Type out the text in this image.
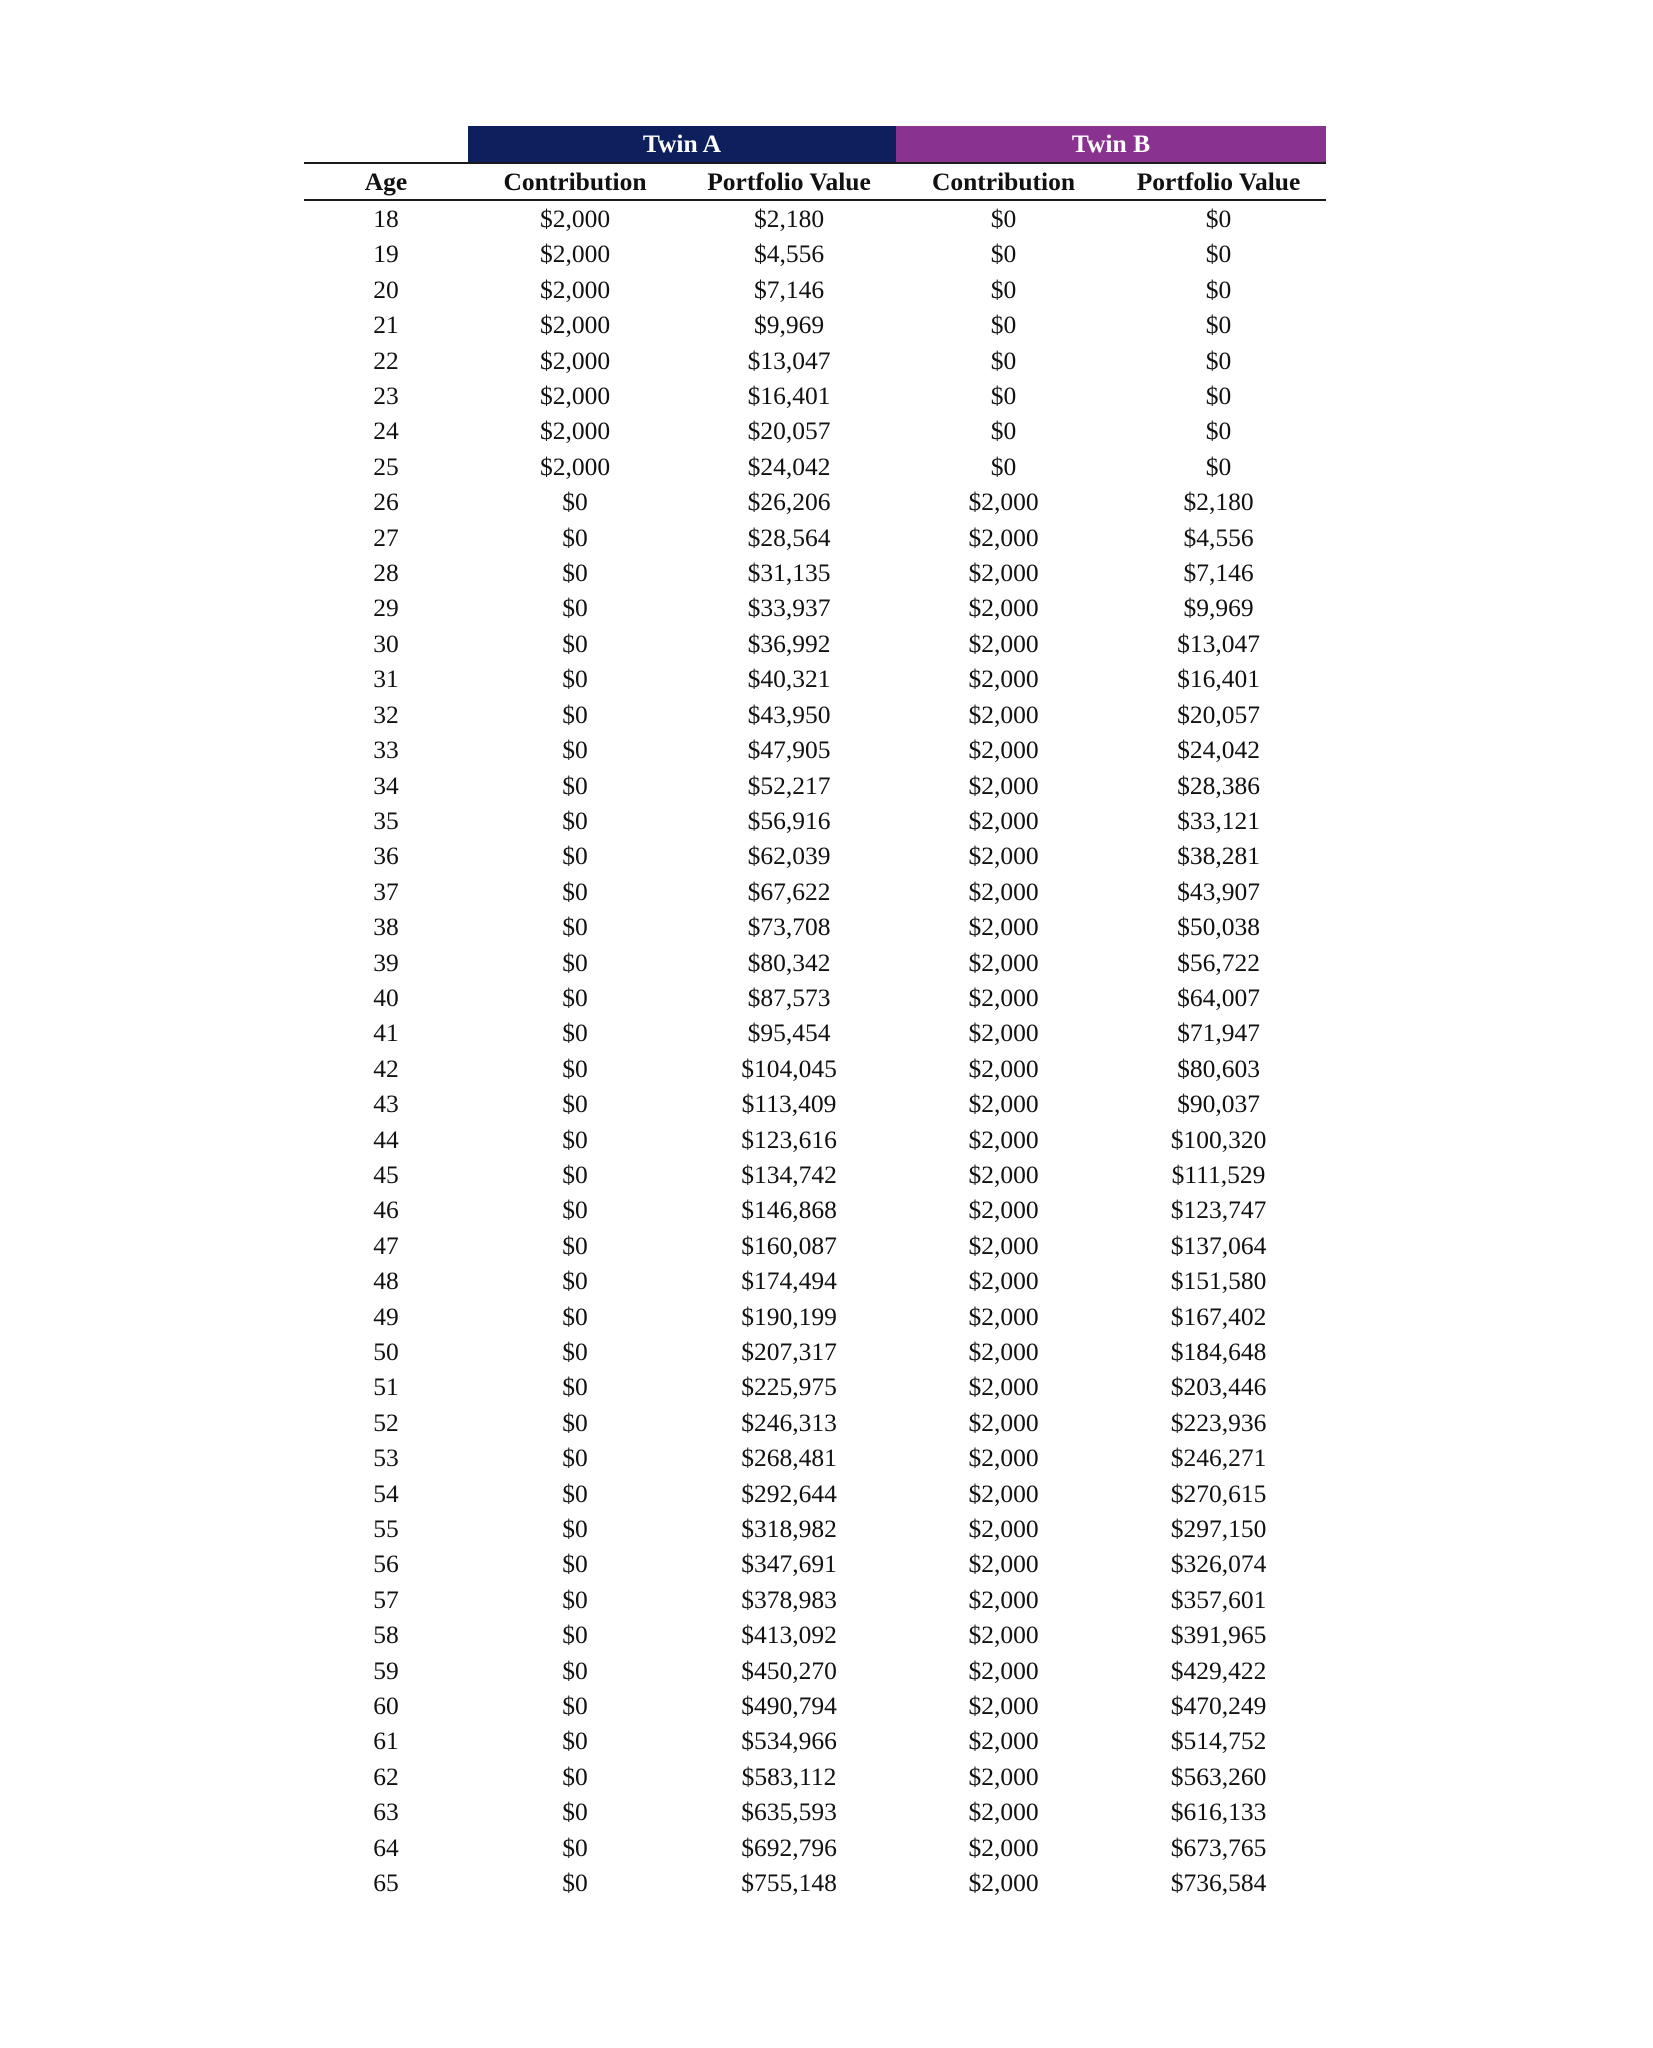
	Twin A		Twin B	
Age	Contribution	Portfolio Value	Contribution	Portfolio Value
18	$2,000	$2,180	$0	$0
19	$2,000	$4,556	$0	$0
20	$2,000	$7,146	$0	$0
21	$2,000	$9,969	$0	$0
22	$2,000	$13,047	$0	$0
23	$2,000	$16,401	$0	$0
24	$2,000	$20,057	$0	$0
25	$2,000	$24,042	$0	$0
26	$0	$26,206	$2,000	$2,180
27	$0	$28,564	$2,000	$4,556
28	$0	$31,135	$2,000	$7,146
29	$0	$33,937	$2,000	$9,969
30	$0	$36,992	$2,000	$13,047
31	$0	$40,321	$2,000	$16,401
32	$0	$43,950	$2,000	$20,057
33	$0	$47,905	$2,000	$24,042
34	$0	$52,217	$2,000	$28,386
35	$0	$56,916	$2,000	$33,121
36	$0	$62,039	$2,000	$38,281
37	$0	$67,622	$2,000	$43,907
38	$0	$73,708	$2,000	$50,038
39	$0	$80,342	$2,000	$56,722
40	$0	$87,573	$2,000	$64,007
41	$0	$95,454	$2,000	$71,947
42	$0	$104,045	$2,000	$80,603
43	$0	$113,409	$2,000	$90,037
44	$0	$123,616	$2,000	$100,320
45	$0	$134,742	$2,000	$111,529
46	$0	$146,868	$2,000	$123,747
47	$0	$160,087	$2,000	$137,064
48	$0	$174,494	$2,000	$151,580
49	$0	$190,199	$2,000	$167,402
50	$0	$207,317	$2,000	$184,648
51	$0	$225,975	$2,000	$203,446
52	$0	$246,313	$2,000	$223,936
53	$0	$268,481	$2,000	$246,271
54	$0	$292,644	$2,000	$270,615
55	$0	$318,982	$2,000	$297,150
56	$0	$347,691	$2,000	$326,074
57	$0	$378,983	$2,000	$357,601
58	$0	$413,092	$2,000	$391,965
59	$0	$450,270	$2,000	$429,422
60	$0	$490,794	$2,000	$470,249
61	$0	$534,966	$2,000	$514,752
62	$0	$583,112	$2,000	$563,260
63	$0	$635,593	$2,000	$616,133
64	$0	$692,796	$2,000	$673,765
65	$0	$755,148	$2,000	$736,584
